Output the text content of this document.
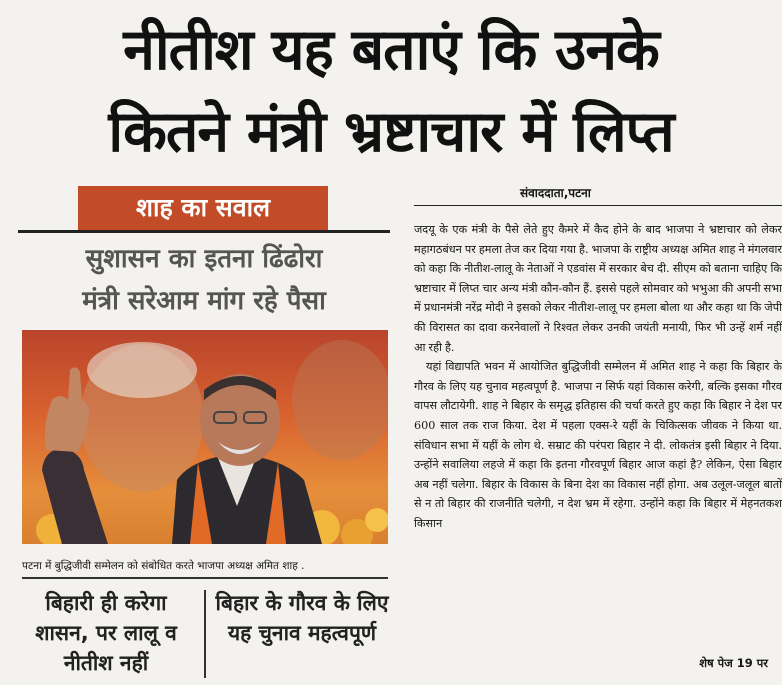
नीतीश यह बताएं कि उनके
कितने मंत्री भ्रष्टाचार में लिप्त
शाह का सवाल
सुशासन का इतना ढिंढोरा
मंत्री सरेआम मांग रहे पैसा
पटना में बुद्धिजीवी सम्मेलन को संबोधित करते भाजपा अध्यक्ष अमित शाह .
बिहारी ही करेगा शासन, पर लालू व नीतीश नहीं
बिहार के गौरव के लिए यह चुनाव महत्वपूर्ण
संवाददाता,पटना

जदयू के एक मंत्री के पैसे लेते हुए कैमरे में कैद होने के बाद भाजपा ने भ्रष्टाचार को लेकर महागठबंधन पर हमला तेज कर दिया गया है. भाजपा के राष्ट्रीय अध्यक्ष अमित शाह ने मंगलवार को कहा कि नीतीश-लालू के नेताओं ने एडवांस में सरकार बेच दी. सीएम को बताना चाहिए कि भ्रष्टाचार में लिप्त चार अन्य मंत्री कौन-कौन हैं. इससे पहले सोमवार को भभुआ की अपनी सभा में प्रधानमंत्री नरेंद्र मोदी ने इसको लेकर नीतीश-लालू पर हमला बोला था और कहा था कि जेपी की विरासत का दावा करनेवालों ने रिश्वत लेकर उनकी जयंती मनायी, फिर भी उन्हें शर्म नहीं आ रही है.

यहां विद्यापति भवन में आयोजित बुद्धिजीवी सम्मेलन में अमित शाह ने कहा कि बिहार के गौरव के लिए यह चुनाव महत्वपूर्ण है. भाजपा न सिर्फ यहां विकास करेगी, बल्कि इसका गौरव वापस लौटायेगी. शाह ने बिहार के समृद्ध इतिहास की चर्चा करते हुए कहा कि बिहार ने देश पर 600 साल तक राज किया. देश में पहला एक्स-रे यहीं के चिकित्सक जीवक ने किया था. संविधान सभा में यहीं के लोग थे. सम्राट की परंपरा बिहार ने दी. लोकतंत्र इसी बिहार ने दिया. उन्होंने सवालिया लहजे में कहा कि इतना गौरवपूर्ण बिहार आज कहां है? लेकिन, ऐसा बिहार अब नहीं चलेगा. बिहार के विकास के बिना देश का विकास नहीं होगा. अब उलूल-जलूल बातों से न तो बिहार की राजनीति चलेगी, न देश भ्रम में रहेगा. उन्होंने कहा कि बिहार में मेहनतकश किसान

शेष पेज 19 पर
